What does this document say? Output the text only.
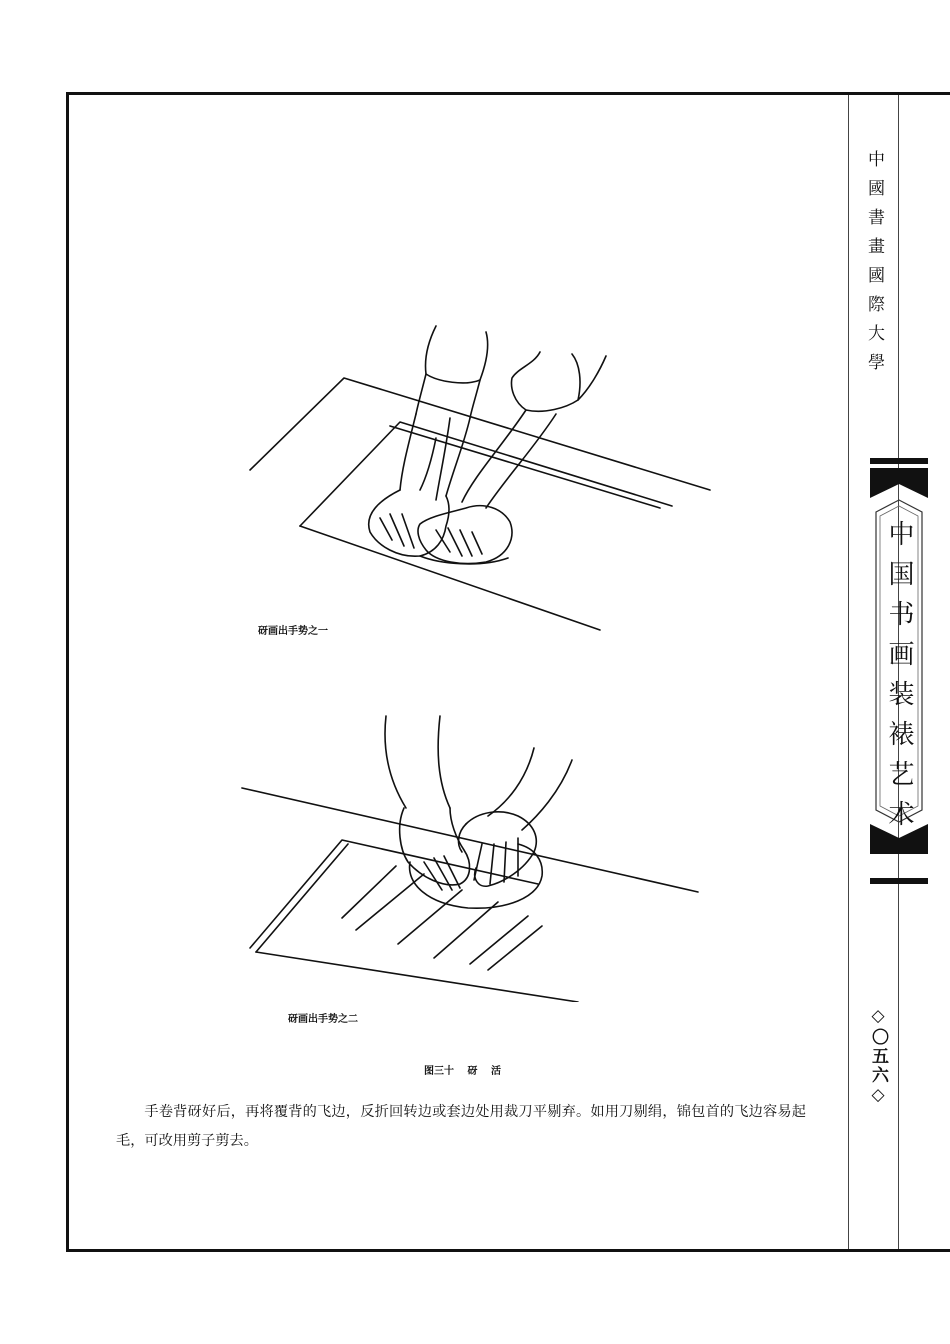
中國書畫國際大學
中国书画装裱艺术
◇〇五六◇
砑画出手势之一
砑画出手势之二
图三十 砑 活
手卷背砑好后，再将覆背的飞边，反折回转边或套边处用裁刀平剔弃。如用刀剔绢，锦包首的飞边容易起毛，可改用剪子剪去。
